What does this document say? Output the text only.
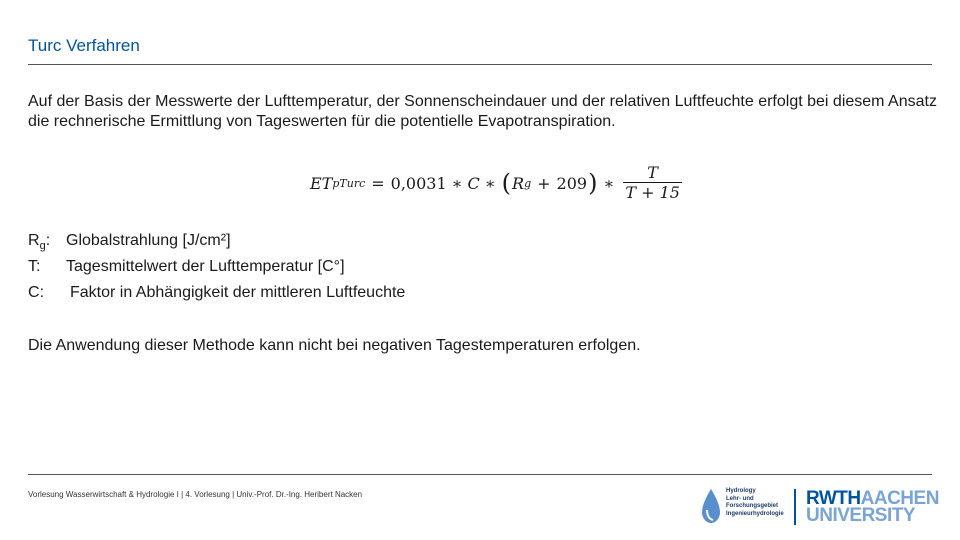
Turc Verfahren
Auf der Basis der Messwerte der Lufttemperatur, der Sonnenscheindauer und der relativen Luftfeuchte erfolgt bei diesem Ansatz die rechnerische Ermittlung von Tageswerten für die potentielle Evapotranspiration.
ET pTurc = 0,0031 ∗ C ∗ ( R g + 209 ) ∗ $\frac{T}{T + 15}$
$R_g$: Globalstrahlung [J/cm²]
T:	Tagesmittelwert der Lufttemperatur [C°]
C:	Faktor in Abhängigkeit der mittleren Luftfeuchte
Die Anwendung dieser Methode kann nicht bei negativen Tagestemperaturen erfolgen.
Vorlesung Wasserwirtschaft & Hydrologie I | 4. Vorlesung | Univ.-Prof. Dr.-Ing. Heribert Nacken	Hydrology
Lehr- und
Forschungsgebiet
Ingenieurhydrologie
RWTHAACHEN
UNIVERSITY
